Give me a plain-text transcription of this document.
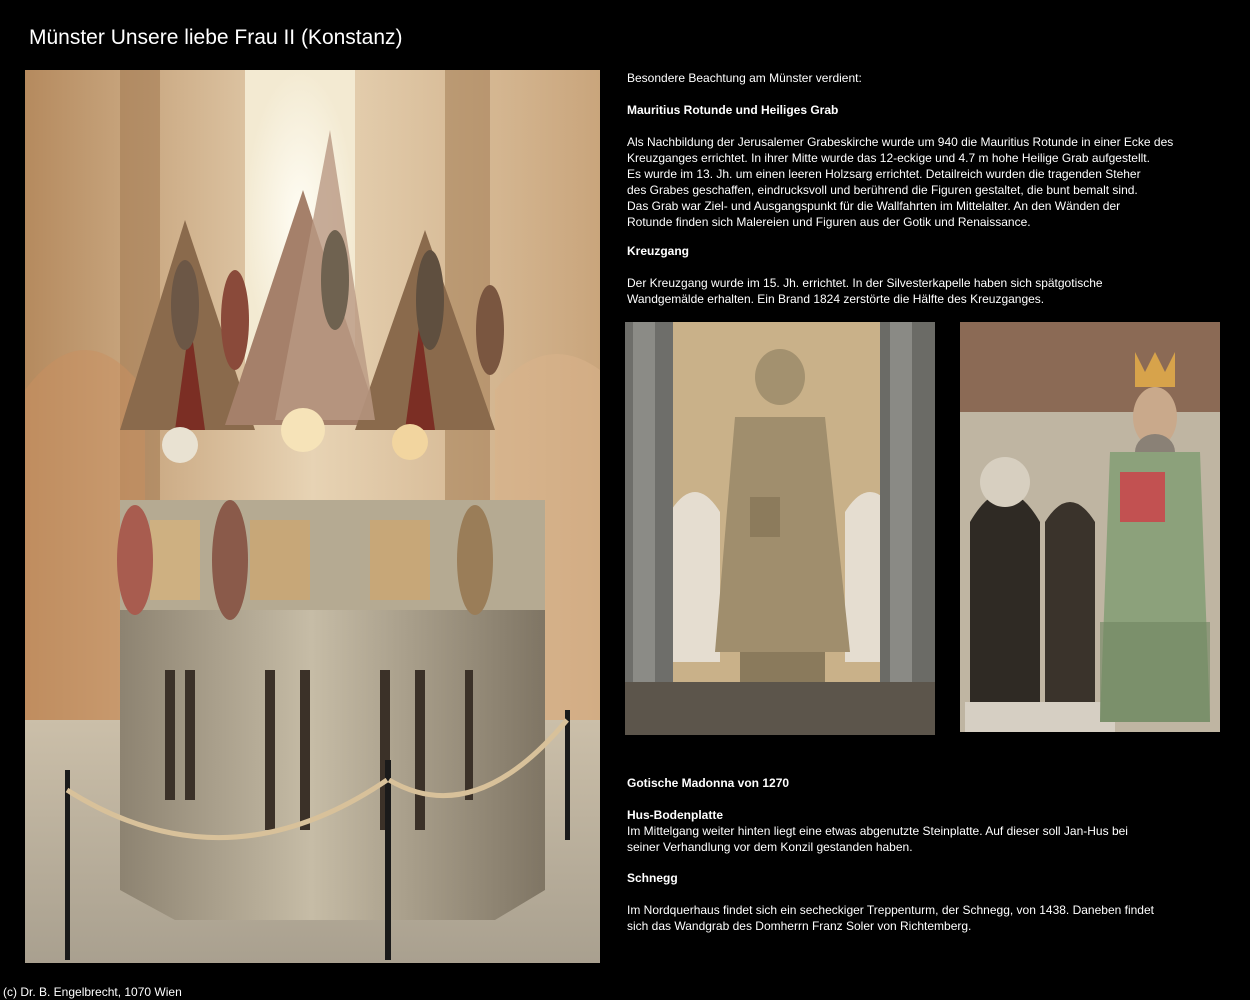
Münster Unsere liebe Frau II (Konstanz)

Besondere Beachtung am Münster verdient:

Mauritius Rotunde und Heiliges Grab

Als Nachbildung der Jerusalemer Grabeskirche wurde um 940 die Mauritius Rotunde in einer Ecke des

Kreuzganges errichtet. In ihrer Mitte wurde das 12-eckige und 4.7 m hohe Heilige Grab aufgestellt.

Es wurde im 13. Jh. um einen leeren Holzsarg errichtet. Detailreich wurden die tragenden Steher

des Grabes geschaffen, eindrucksvoll und berührend die Figuren gestaltet, die bunt bemalt sind.

Das Grab war Ziel- und Ausgangspunkt für die Wallfahrten im Mittelalter. An den Wänden der

Rotunde finden sich Malereien und Figuren aus der Gotik und Renaissance.

Kreuzgang

Der Kreuzgang wurde im 15. Jh. errichtet. In der Silvesterkapelle haben sich spätgotische

Wandgemälde erhalten. Ein Brand 1824 zerstörte die Hälfte des Kreuzganges.

Gotische Madonna von 1270

Hus-Bodenplatte

Im Mittelgang weiter hinten liegt eine etwas abgenutzte Steinplatte. Auf dieser soll Jan-Hus bei

seiner Verhandlung vor dem Konzil gestanden haben.

Schnegg

Im Nordquerhaus findet sich ein secheckiger Treppenturm, der Schnegg, von 1438. Daneben findet

sich das Wandgrab des Domherrn Franz Soler von Richtemberg.

(c) Dr. B. Engelbrecht, 1070 Wien
